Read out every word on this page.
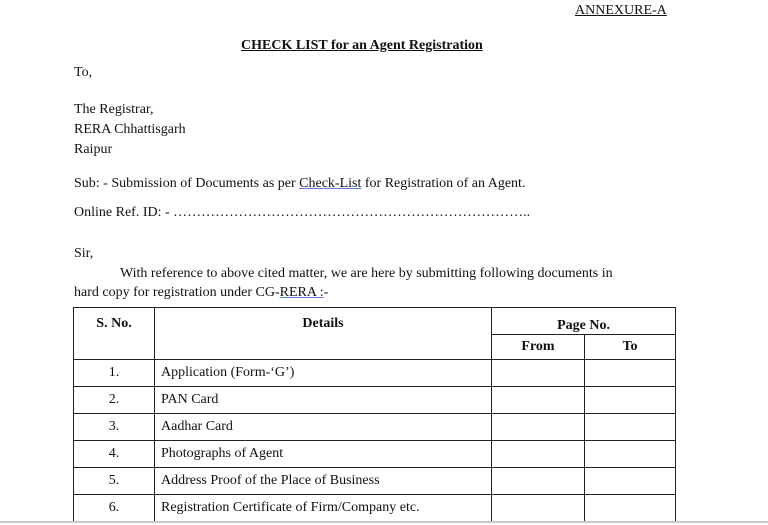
ANNEXURE-A
CHECK LIST for an Agent Registration
To,
The Registrar,
RERA Chhattisgarh
Raipur
Sub: - Submission of Documents as per Check-List for Registration of an Agent.
Online Ref. ID: - …………………………………………………………………..
Sir,
With reference to above cited matter, we are here by submitting following documents in
hard copy for registration under CG-RERA :-
S. No.	Details	Page No.	
		From	To
1.	Application (Form-‘G’)		
2.	PAN Card		
3.	Aadhar Card		
4.	Photographs of Agent		
5.	Address Proof of the Place of Business		
6.	Registration Certificate of Firm/Company etc.		
